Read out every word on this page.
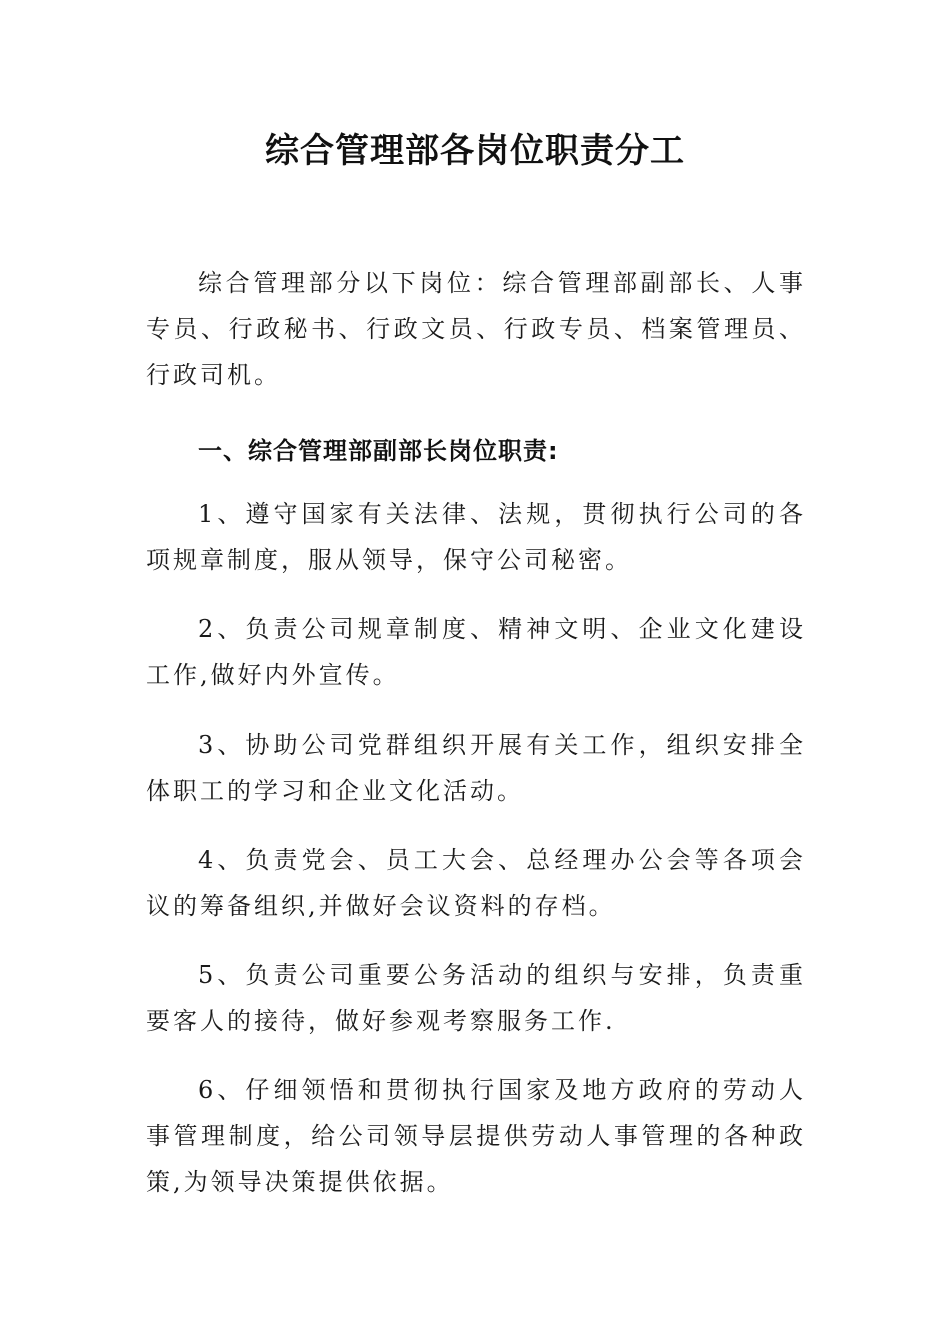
综合管理部各岗位职责分工

综合管理部分以下岗位：综合管理部副部长、人事专员、行政秘书、行政文员、行政专员、档案管理员、行政司机。

一、综合管理部副部长岗位职责:

1、遵守国家有关法律、法规，贯彻执行公司的各项规章制度，服从领导，保守公司秘密。

2、负责公司规章制度、精神文明、企业文化建设工作,做好内外宣传。

3、协助公司党群组织开展有关工作，组织安排全体职工的学习和企业文化活动。

4、负责党会、员工大会、总经理办公会等各项会议的筹备组织,并做好会议资料的存档。

5、负责公司重要公务活动的组织与安排，负责重要客人的接待，做好参观考察服务工作.

6、仔细领悟和贯彻执行国家及地方政府的劳动人事管理制度，给公司领导层提供劳动人事管理的各种政策,为领导决策提供依据。
